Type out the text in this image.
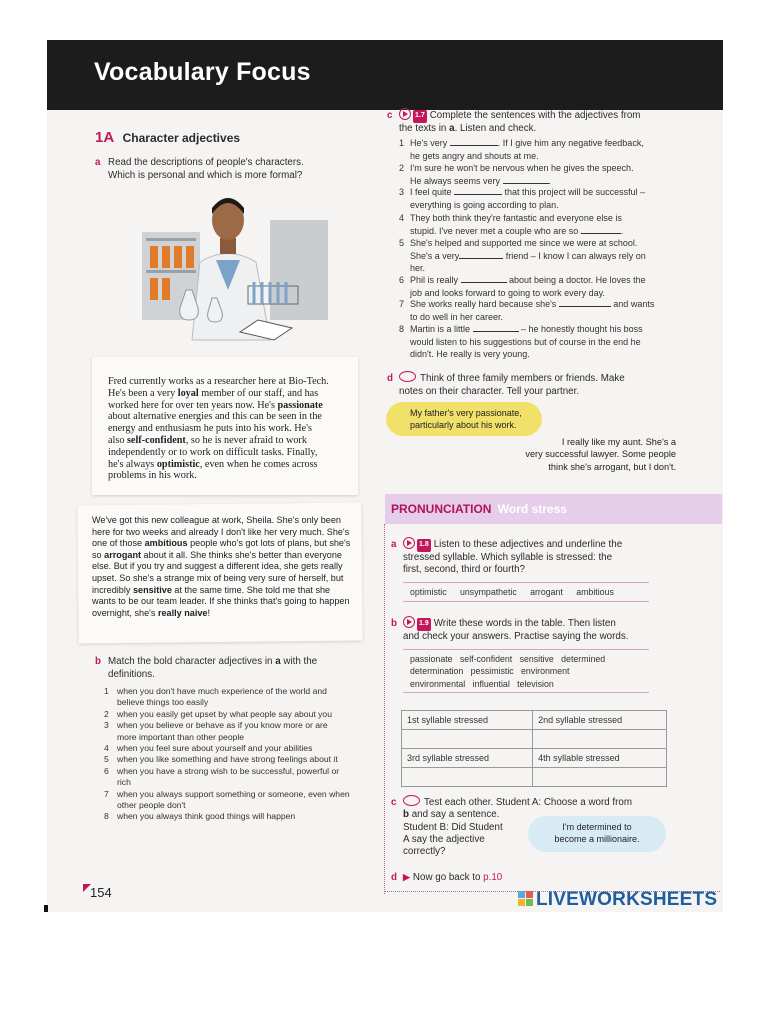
Vocabulary Focus
1A Character adjectives
a Read the descriptions of people's characters.
Which is personal and which is more formal?
Fred currently works as a researcher here at Bio-Tech.
He's been a very loyal member of our staff, and has
worked here for over ten years now. He's passionate
about alternative energies and this can be seen in the
energy and enthusiasm he puts into his work. He's
also self-confident, so he is never afraid to work
independently or to work on difficult tasks. Finally,
he's always optimistic, even when he comes across
problems in his work.
We've got this new colleague at work, Sheila. She's only been
here for two weeks and already I don't like her very much. She's
one of those ambitious people who's got lots of plans, but she's
so arrogant about it all. She thinks she's better than everyone
else. But if you try and suggest a different idea, she gets really
upset. So she's a strange mix of being very sure of herself, but
incredibly sensitive at the same time. She told me that she
wants to be our team leader. If she thinks that's going to happen
overnight, she's really naive!
b Match the bold character adjectives in a with the
definitions.
1 when you don't have much experience of the world and
believe things too easily
2 when you easily get upset by what people say about you
3 when you believe or behave as if you know more or are
more important than other people
4 when you feel sure about yourself and your abilities
5 when you like something and have strong feelings about it
6 when you have a strong wish to be successful, powerful or
rich
7 when you always support something or someone, even when
other people don't
8 when you always think good things will happen
154
c	1.7 Complete the sentences with the adjectives from
the texts in a. Listen and check.
1 He's very	. If I give him any negative feedback,
he gets angry and shouts at me.
2 I'm sure he won't be nervous when he gives the speech.
He always seems very	.
3 I feel quite	that this project will be successful –
everything is going according to plan.
4 They both think they're fantastic and everyone else is
stupid. I've never met a couple who are so	.
5 She's helped and supported me since we were at school.
She's a very	friend – I know I can always rely on
her.
6 Phil is really	about being a doctor. He loves the
job and looks forward to going to work every day.
7 She works really hard because she's	and wants
to do well in her career.
8 Martin is a little	– he honestly thought his boss
would listen to his suggestions but of course in the end he
didn't. He really is very young.
d	Think of three family members or friends. Make
notes on their character. Tell your partner.
My father's very passionate,
particularly about his work.
I really like my aunt. She's a
very successful lawyer. Some people
think she's arrogant, but I don't.
PRONUNCIATION Word stress
a	1.8 Listen to these adjectives and underline the
stressed syllable. Which syllable is stressed: the
first, second, third or fourth?
optimistic unsympathetic arrogant ambitious
b	1.9 Write these words in the table. Then listen
and check your answers. Practise saying the words.
passionate self-confident sensitive determined
determination pessimistic environment
environmental influential television
1st syllable stressed	2nd syllable stressed

3rd syllable stressed	4th syllable stressed

c	Test each other. Student A: Choose a word from
b and say a sentence.
Student B: Did Student
A say the adjective
correctly?
I'm determined to
become a millionaire.
d ▶ Now go back to p.10
LIVEWORKSHEETS
